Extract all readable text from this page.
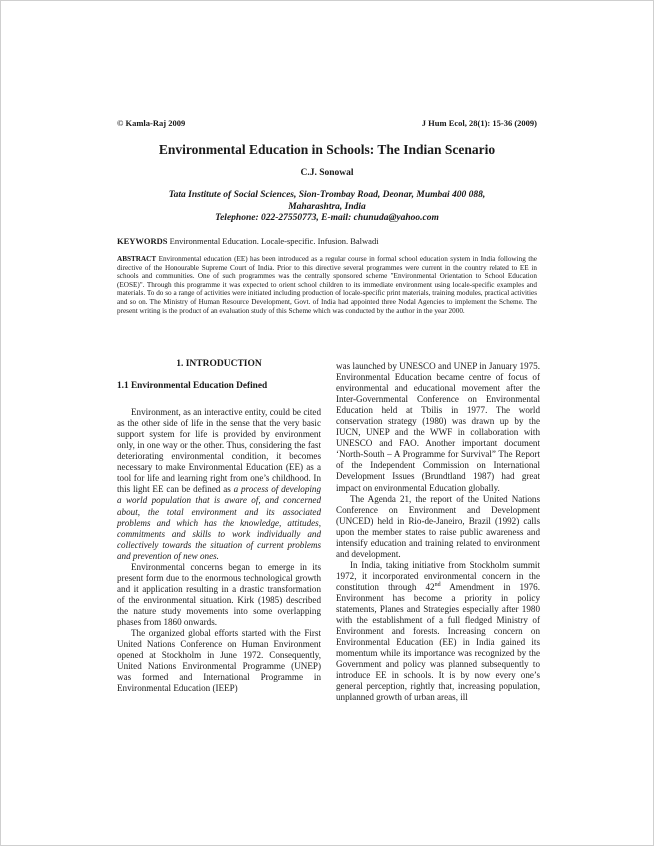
© Kamla-Raj 2009	J Hum Ecol, 28(1): 15-36 (2009)
Environmental Education in Schools: The Indian Scenario
C.J. Sonowal
Tata Institute of Social Sciences, Sion-Trombay Road, Deonar, Mumbai 400 088,
Maharashtra, India
Telephone: 022-27550773, E-mail: chunuda@yahoo.com
KEYWORDS Environmental Education. Locale-specific. Infusion. Balwadi
ABSTRACT Environmental education (EE) has been introduced as a regular course in formal school education system in India following the directive of the Honourable Supreme Court of India. Prior to this directive several programmes were current in the country related to EE in schools and communities. One of such programmes was the centrally sponsored scheme "Environmental Orientation to School Education (EOSE)". Through this programme it was expected to orient school children to its immediate environment using locale-specific examples and materials. To do so a range of activities were initiated including production of locale-specific print materials, training modules, practical activities and so on. The Ministry of Human Resource Development, Govt. of India had appointed three Nodal Agencies to implement the Scheme. The present writing is the product of an evaluation study of this Scheme which was conducted by the author in the year 2000.
1. INTRODUCTION
1.1 Environmental Education Defined

Environment, as an interactive entity, could be cited as the other side of life in the sense that the very basic support system for life is provided by environment only, in one way or the other. Thus, considering the fast deteriorating environmental condition, it becomes necessary to make Environmental Education (EE) as a tool for life and learning right from one’s childhood. In this light EE can be defined as a process of developing a world population that is aware of, and concerned about, the total environment and its associated problems and which has the knowledge, attitudes, commitments and skills to work individually and collectively towards the situation of current problems and prevention of new ones.

Environmental concerns began to emerge in its present form due to the enormous technological growth and it application resulting in a drastic transformation of the environmental situation. Kirk (1985) described the nature study movements into some overlapping phases from 1860 onwards.

The organized global efforts started with the First United Nations Conference on Human Environment opened at Stockholm in June 1972. Consequently, United Nations Environmental Programme (UNEP) was formed and International Programme in Environmental Education (IEEP)

was launched by UNESCO and UNEP in January 1975. Environmental Education became centre of focus of environmental and educational movement after the Inter-Governmental Conference on Environmental Education held at Tbilis in 1977. The world conservation strategy (1980) was drawn up by the IUCN, UNEP and the WWF in collaboration with UNESCO and FAO. Another important document ‘North-South – A Programme for Survival” The Report of the Independent Commission on International Development Issues (Brundtland 1987) had great impact on environmental Education globally.

The Agenda 21, the report of the United Nations Conference on Environment and Development (UNCED) held in Rio-de-Janeiro, Brazil (1992) calls upon the member states to raise public awareness and intensify education and training related to environment and development.

In India, taking initiative from Stockholm summit 1972, it incorporated environmental concern in the constitution through 42nd Amendment in 1976. Environment has become a priority in policy statements, Planes and Strategies especially after 1980 with the establishment of a full fledged Ministry of Environment and forests. Increasing concern on Environmental Education (EE) in India gained its momentum while its importance was recognized by the Government and policy was planned subsequently to introduce EE in schools. It is by now every one’s general perception, rightly that, increasing population, unplanned growth of urban areas, ill
